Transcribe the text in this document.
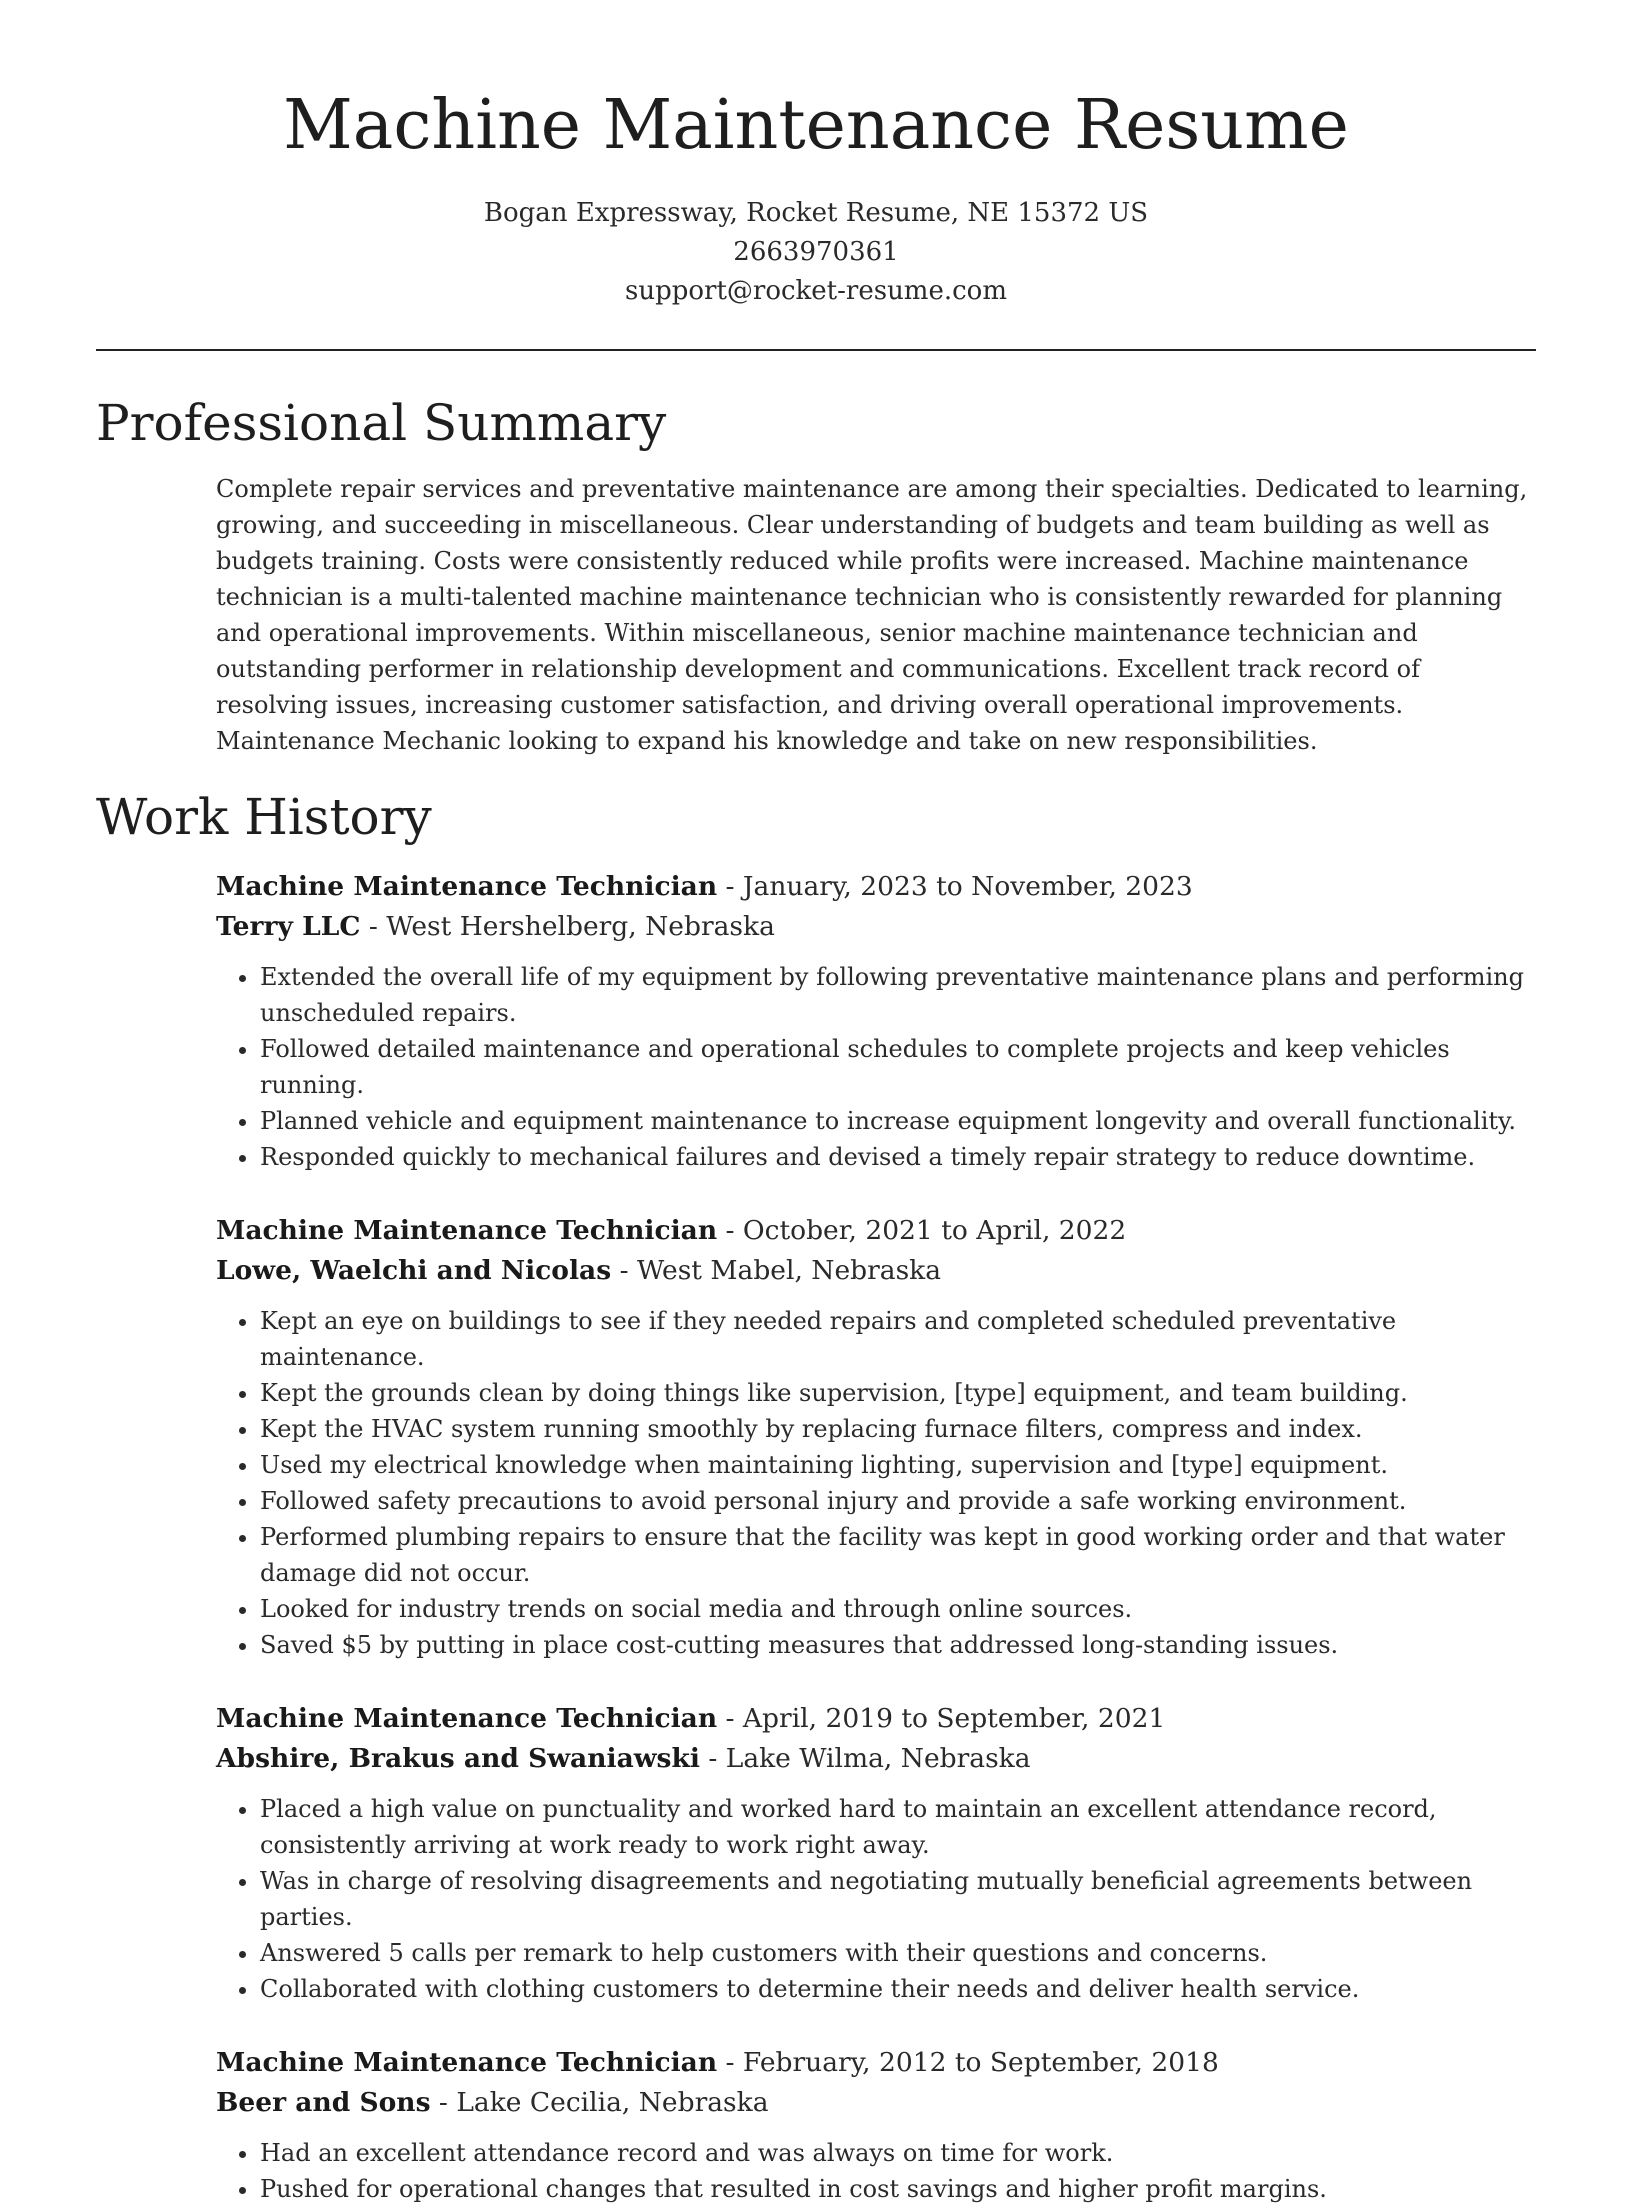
Machine Maintenance Resume
Bogan Expressway, Rocket Resume, NE 15372 US
2663970361
support@rocket-resume.com
Professional Summary

Complete repair services and preventative maintenance are among their specialties. Dedicated to learning, growing, and succeeding in miscellaneous. Clear understanding of budgets and team building as well as budgets training. Costs were consistently reduced while profits were increased. Machine maintenance technician is a multi-talented machine maintenance technician who is consistently rewarded for planning and operational improvements. Within miscellaneous, senior machine maintenance technician and outstanding performer in relationship development and communications. Excellent track record of resolving issues, increasing customer satisfaction, and driving overall operational improvements. Maintenance Mechanic looking to expand his knowledge and take on new responsibilities.

Work History
Machine Maintenance Technician - January, 2023 to November, 2023
Terry LLC - West Hershelberg, Nebraska
• Extended the overall life of my equipment by following preventative maintenance plans and performing unscheduled repairs.
• Followed detailed maintenance and operational schedules to complete projects and keep vehicles running.
• Planned vehicle and equipment maintenance to increase equipment longevity and overall functionality.
• Responded quickly to mechanical failures and devised a timely repair strategy to reduce downtime.
Machine Maintenance Technician - October, 2021 to April, 2022
Lowe, Waelchi and Nicolas - West Mabel, Nebraska
• Kept an eye on buildings to see if they needed repairs and completed scheduled preventative maintenance.
• Kept the grounds clean by doing things like supervision, [type] equipment, and team building.
• Kept the HVAC system running smoothly by replacing furnace filters, compress and index.
• Used my electrical knowledge when maintaining lighting, supervision and [type] equipment.
• Followed safety precautions to avoid personal injury and provide a safe working environment.
• Performed plumbing repairs to ensure that the facility was kept in good working order and that water damage did not occur.
• Looked for industry trends on social media and through online sources.
• Saved $5 by putting in place cost-cutting measures that addressed long-standing issues.
Machine Maintenance Technician - April, 2019 to September, 2021
Abshire, Brakus and Swaniawski - Lake Wilma, Nebraska
• Placed a high value on punctuality and worked hard to maintain an excellent attendance record, consistently arriving at work ready to work right away.
• Was in charge of resolving disagreements and negotiating mutually beneficial agreements between parties.
• Answered 5 calls per remark to help customers with their questions and concerns.
• Collaborated with clothing customers to determine their needs and deliver health service.
Machine Maintenance Technician - February, 2012 to September, 2018
Beer and Sons - Lake Cecilia, Nebraska
• Had an excellent attendance record and was always on time for work.
• Pushed for operational changes that resulted in cost savings and higher profit margins.
